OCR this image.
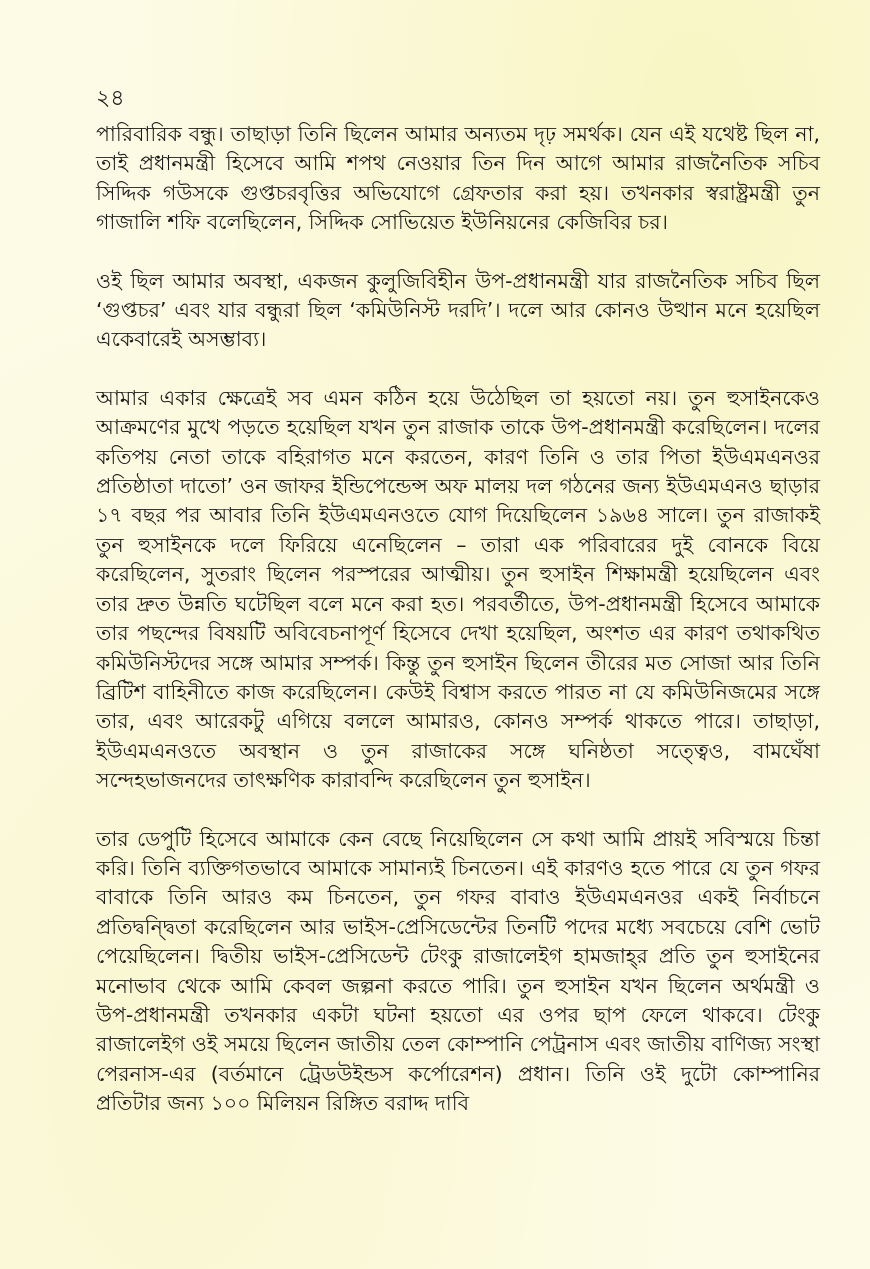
২৪

পারিবারিক বন্ধু। তাছাড়া তিনি ছিলেন আমার অন্যতম দৃঢ় সমর্থক। যেন এই যথেষ্ট ছিল না, তাই প্রধানমন্ত্রী হিসেবে আমি শপথ নেওয়ার তিন দিন আগে আমার রাজনৈতিক সচিব সিদ্দিক গউসকে গুপ্তচরবৃত্তির অভিযোগে গ্রেফতার করা হয়। তখনকার স্বরাষ্ট্রমন্ত্রী তুন গাজালি শফি বলেছিলেন, সিদ্দিক সোভিয়েত ইউনিয়নের কেজিবির চর।

ওই ছিল আমার অবস্থা, একজন কুলুজিবিহীন উপ-প্রধানমন্ত্রী যার রাজনৈতিক সচিব ছিল ‘গুপ্তচর’ এবং যার বন্ধুরা ছিল ‘কমিউনিস্ট দরদি’। দলে আর কোনও উত্থান মনে হয়েছিল একেবারেই অসম্ভাব্য।

আমার একার ক্ষেত্রেই সব এমন কঠিন হয়ে উঠেছিল তা হয়তো নয়। তুন হুসাইনকেও আক্রমণের মুখে পড়তে হয়েছিল যখন তুন রাজাক তাকে উপ-প্রধানমন্ত্রী করেছিলেন। দলের কতিপয় নেতা তাকে বহিরাগত মনে করতেন, কারণ তিনি ও তার পিতা ইউএমএনওর প্রতিষ্ঠাতা দাতো’ ওন জাফর ইন্ডিপেন্ডেন্স অফ মালয় দল গঠনের জন্য ইউএমএনও ছাড়ার ১৭ বছর পর আবার তিনি ইউএমএনওতে যোগ দিয়েছিলেন ১৯৬৪ সালে। তুন রাজাকই তুন হুসাইনকে দলে ফিরিয়ে এনেছিলেন – তারা এক পরিবারের দুই বোনকে বিয়ে করেছিলেন, সুতরাং ছিলেন পরস্পরের আত্মীয়। তুন হুসাইন শিক্ষামন্ত্রী হয়েছিলেন এবং তার দ্রুত উন্নতি ঘটেছিল বলে মনে করা হত। পরবর্তীতে, উপ-প্রধানমন্ত্রী হিসেবে আমাকে তার পছন্দের বিষয়টি অবিবেচনাপূর্ণ হিসেবে দেখা হয়েছিল, অংশত এর কারণ তথাকথিত কমিউনিস্টদের সঙ্গে আমার সম্পর্ক। কিন্তু তুন হুসাইন ছিলেন তীরের মত সোজা আর তিনি ব্রিটিশ বাহিনীতে কাজ করেছিলেন। কেউই বিশ্বাস করতে পারত না যে কমিউনিজমের সঙ্গে তার, এবং আরেকটু এগিয়ে বললে আমারও, কোনও সম্পর্ক থাকতে পারে। তাছাড়া, ইউএমএনওতে অবস্থান ও তুন রাজাকের সঙ্গে ঘনিষ্ঠতা সত্ত্বেও, বামঘেঁষা সন্দেহভাজনদের তাৎক্ষণিক কারাবন্দি করেছিলেন তুন হুসাইন।

তার ডেপুটি হিসেবে আমাকে কেন বেছে নিয়েছিলেন সে কথা আমি প্রায়ই সবিস্ময়ে চিন্তা করি। তিনি ব্যক্তিগতভাবে আমাকে সামান্যই চিনতেন। এই কারণও হতে পারে যে তুন গফর বাবাকে তিনি আরও কম চিনতেন, তুন গফর বাবাও ইউএমএনওর একই নির্বাচনে প্রতিদ্বন্দ্বিতা করেছিলেন আর ভাইস-প্রেসিডেন্টের তিনটি পদের মধ্যে সবচেয়ে বেশি ভোট পেয়েছিলেন। দ্বিতীয় ভাইস-প্রেসিডেন্ট টেংকু রাজালেইগ হামজাহ্‌র প্রতি তুন হুসাইনের মনোভাব থেকে আমি কেবল জল্পনা করতে পারি। তুন হুসাইন যখন ছিলেন অর্থমন্ত্রী ও উপ-প্রধানমন্ত্রী তখনকার একটা ঘটনা হয়তো এর ওপর ছাপ ফেলে থাকবে। টেংকু রাজালেইগ ওই সময়ে ছিলেন জাতীয় তেল কোম্পানি পেট্রনাস এবং জাতীয় বাণিজ্য সংস্থা পেরনাস-এর (বর্তমানে ট্রেডউইন্ডস কর্পোরেশন) প্রধান। তিনি ওই দুটো কোম্পানির প্রতিটার জন্য ১০০ মিলিয়ন রিঙ্গিত বরাদ্দ দাবি
